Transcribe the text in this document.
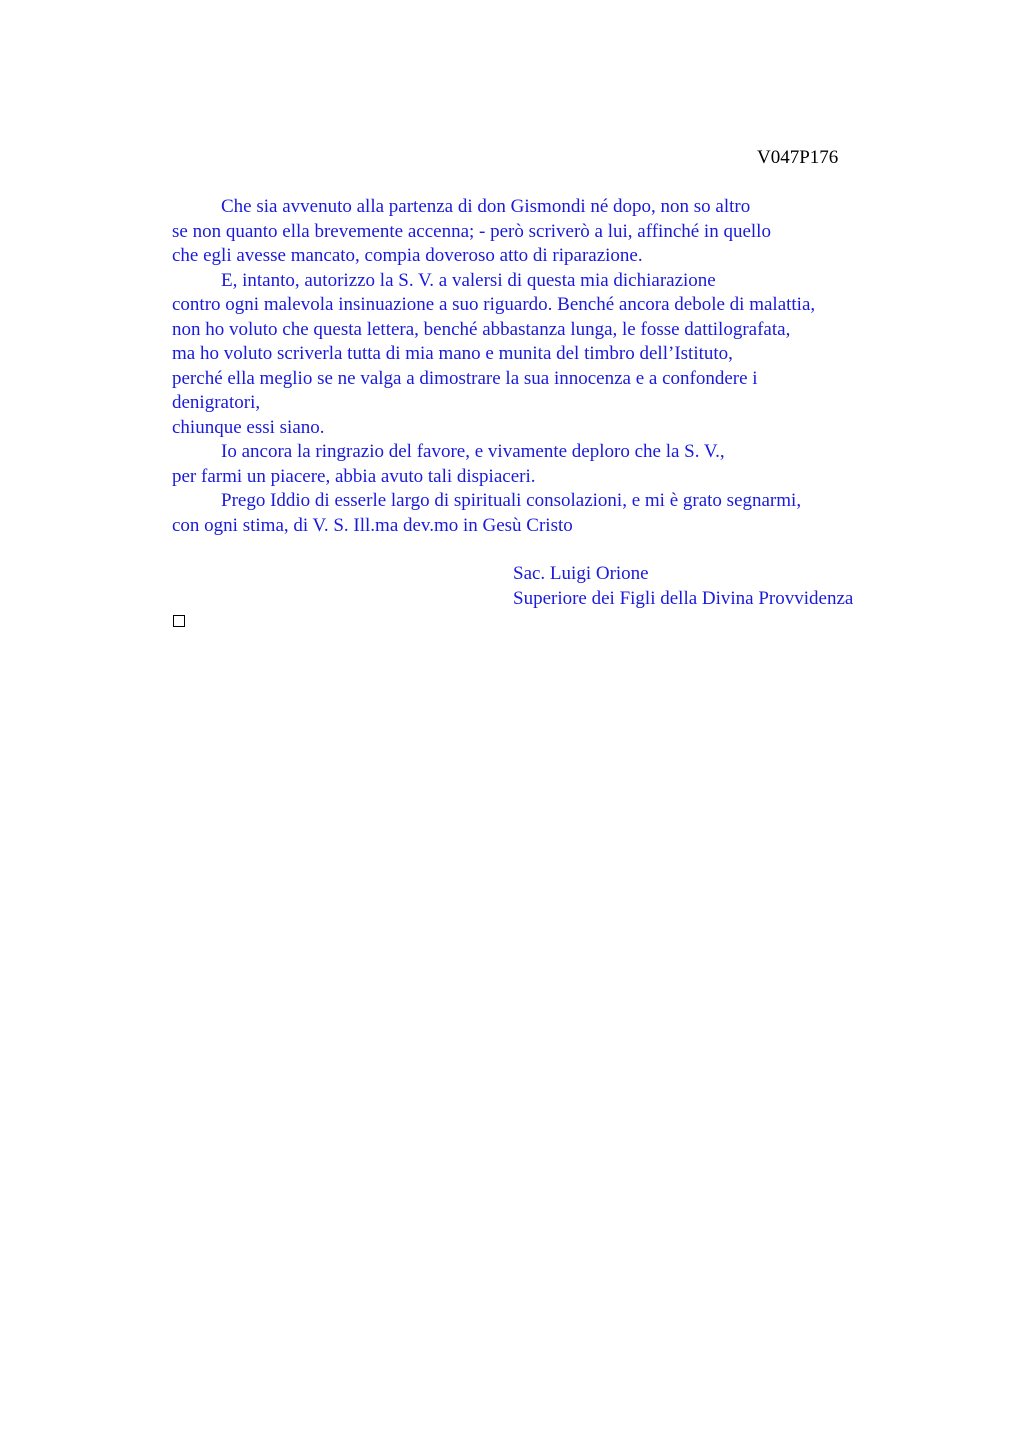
V047P176
Che sia avvenuto alla partenza di don Gismondi né dopo, non so altro
se non quanto ella brevemente accenna; - però scriverò a lui, affinché in quello
che egli avesse mancato, compia doveroso atto di riparazione.
E, intanto, autorizzo la S. V. a valersi di questa mia dichiarazione
contro ogni malevola insinuazione a suo riguardo. Benché ancora debole di malattia,
non ho voluto che questa lettera, benché abbastanza lunga, le fosse dattilografata,
ma ho voluto scriverla tutta di mia mano e munita del timbro dell’Istituto,
perché ella meglio se ne valga a dimostrare la sua innocenza e a confondere i
denigratori,
chiunque essi siano.
Io ancora la ringrazio del favore, e vivamente deploro che la S. V.,
per farmi un piacere, abbia avuto tali dispiaceri.
Prego Iddio di esserle largo di spirituali consolazioni, e mi è grato segnarmi,
con ogni stima, di V. S. Ill.ma dev.mo in Gesù Cristo
Sac. Luigi Orione
Superiore dei Figli della Divina Provvidenza
